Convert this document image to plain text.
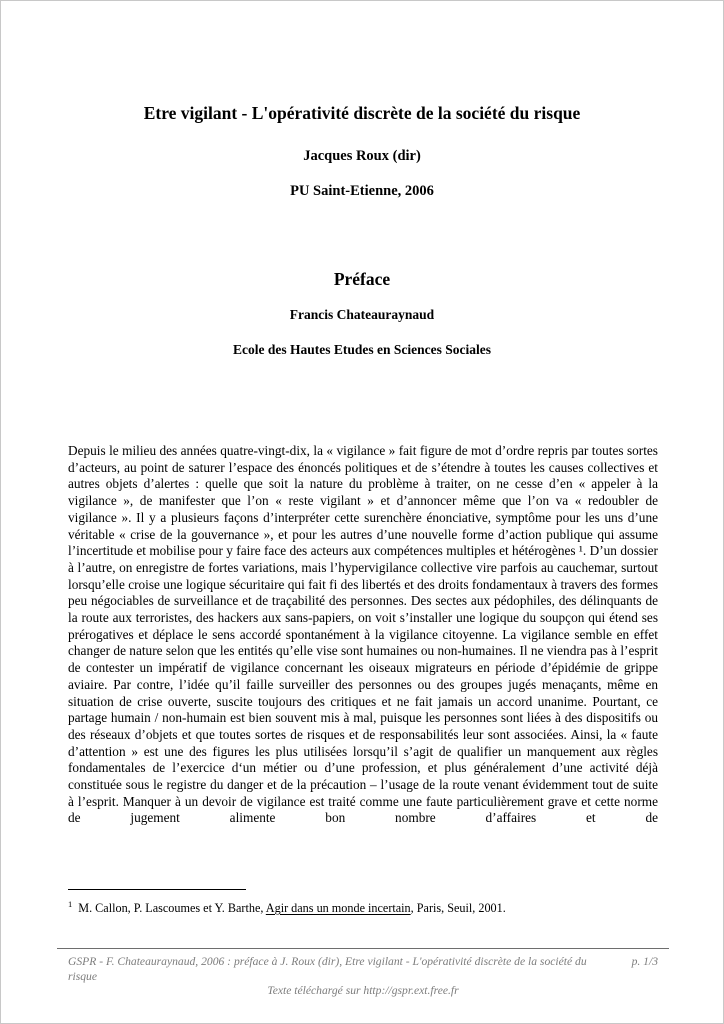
Etre vigilant - L'opérativité discrète de la société du risque
Jacques Roux (dir)
PU Saint-Etienne, 2006
Préface
Francis Chateauraynaud
Ecole des Hautes Etudes en Sciences Sociales

Depuis le milieu des années quatre-vingt-dix, la « vigilance » fait figure de mot d’ordre repris par toutes sortes d’acteurs, au point de saturer l’espace des énoncés politiques et de s’étendre à toutes les causes collectives et autres objets d’alertes : quelle que soit la nature du problème à traiter, on ne cesse d’en « appeler à la vigilance », de manifester que l’on « reste vigilant » et d’annoncer même que l’on va « redoubler de vigilance ». Il y a plusieurs façons d’interpréter cette surenchère énonciative, symptôme pour les uns d’une véritable « crise de la gouvernance », et pour les autres d’une nouvelle forme d’action publique qui assume l’incertitude et mobilise pour y faire face des acteurs aux compétences multiples et hétérogènes ¹. D’un dossier à l’autre, on enregistre de fortes variations, mais l’hypervigilance collective vire parfois au cauchemar, surtout lorsqu’elle croise une logique sécuritaire qui fait fi des libertés et des droits fondamentaux à travers des formes peu négociables de surveillance et de traçabilité des personnes. Des sectes aux pédophiles, des délinquants de la route aux terroristes, des hackers aux sans-papiers, on voit s’installer une logique du soupçon qui étend ses prérogatives et déplace le sens accordé spontanément à la vigilance citoyenne. La vigilance semble en effet changer de nature selon que les entités qu’elle vise sont humaines ou non-humaines. Il ne viendra pas à l’esprit de contester un impératif de vigilance concernant les oiseaux migrateurs en période d’épidémie de grippe aviaire. Par contre, l’idée qu’il faille surveiller des personnes ou des groupes jugés menaçants, même en situation de crise ouverte, suscite toujours des critiques et ne fait jamais un accord unanime. Pourtant, ce partage humain / non-humain est bien souvent mis à mal, puisque les personnes sont liées à des dispositifs ou des réseaux d’objets et que toutes sortes de risques et de responsabilités leur sont associées. Ainsi, la « faute d’attention » est une des figures les plus utilisées lorsqu’il s’agit de qualifier un manquement aux règles fondamentales de l’exercice d‘un métier ou d’une profession, et plus généralement d’une activité déjà constituée sous le registre du danger et de la précaution – l’usage de la route venant évidemment tout de suite à l’esprit. Manquer à un devoir de vigilance est traité comme une faute particulièrement grave et cette norme de jugement alimente bon nombre d’affaires et de

$^1$ M. Callon, P. Lascoumes et Y. Barthe, Agir dans un monde incertain, Paris, Seuil, 2001.
GSPR - F. Chateauraynaud, 2006 : préface à J. Roux (dir), Etre vigilant - L'opérativité discrète de la société du risque
p. 1/3
Texte téléchargé sur http://gspr.ext.free.fr
